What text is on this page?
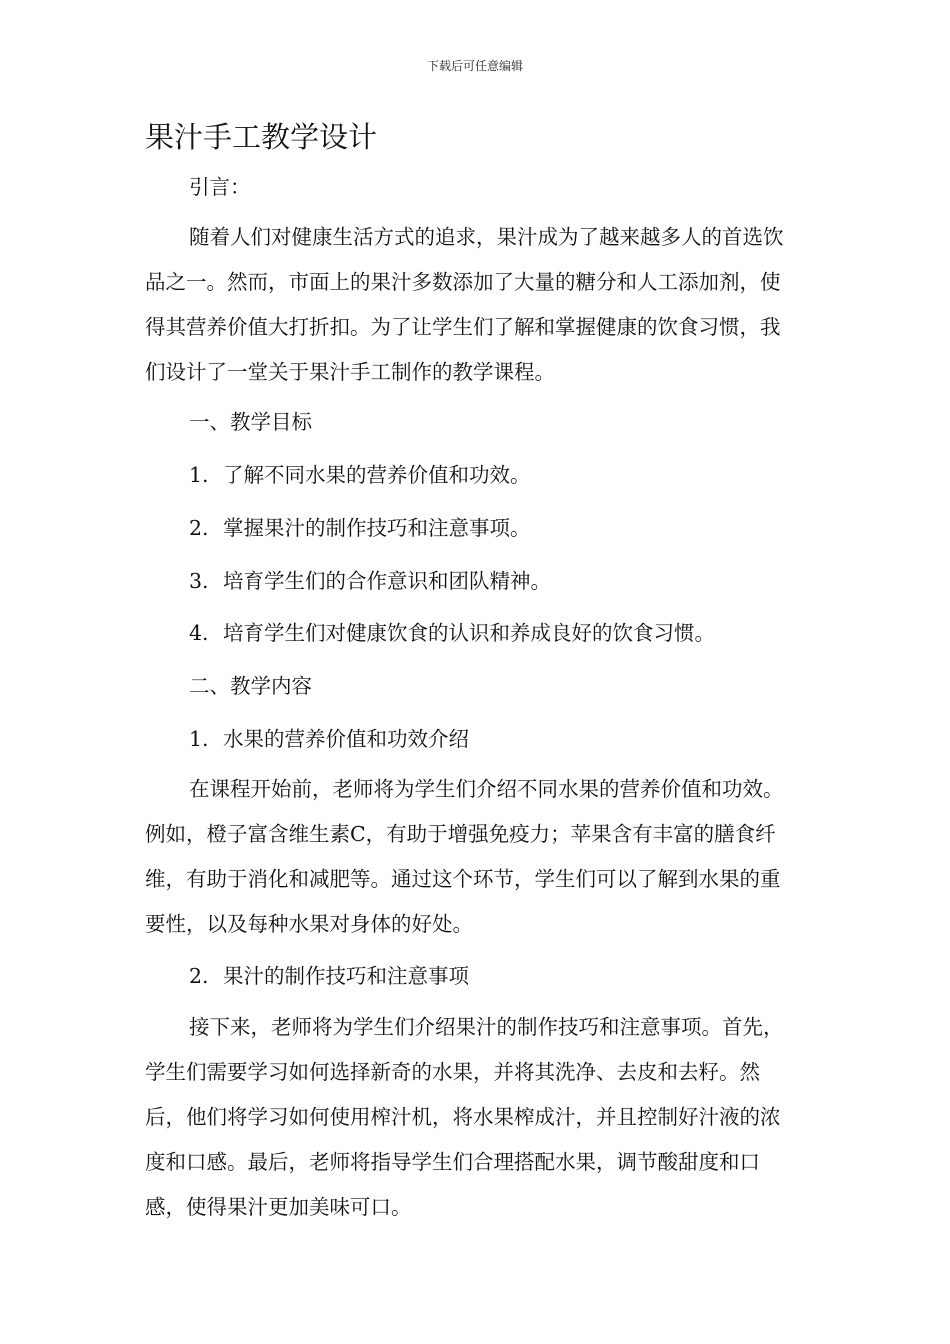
下载后可任意编辑
果汁手工教学设计
引言：

随着人们对健康生活方式的追求，果汁成为了越来越多人的首选饮品之一。然而，市面上的果汁多数添加了大量的糖分和人工添加剂，使得其营养价值大打折扣。为了让学生们了解和掌握健康的饮食习惯，我们设计了一堂关于果汁手工制作的教学课程。

一、教学目标
1. 了解不同水果的营养价值和功效。
2. 掌握果汁的制作技巧和注意事项。
3. 培育学生们的合作意识和团队精神。
4. 培育学生们对健康饮食的认识和养成良好的饮食习惯。
二、教学内容
1. 水果的营养价值和功效介绍

在课程开始前，老师将为学生们介绍不同水果的营养价值和功效。例如，橙子富含维生素C，有助于增强免疫力；苹果含有丰富的膳食纤维，有助于消化和减肥等。通过这个环节，学生们可以了解到水果的重要性，以及每种水果对身体的好处。

2. 果汁的制作技巧和注意事项

接下来，老师将为学生们介绍果汁的制作技巧和注意事项。首先，学生们需要学习如何选择新奇的水果，并将其洗净、去皮和去籽。然后，他们将学习如何使用榨汁机，将水果榨成汁，并且控制好汁液的浓度和口感。最后，老师将指导学生们合理搭配水果，调节酸甜度和口感，使得果汁更加美味可口。
